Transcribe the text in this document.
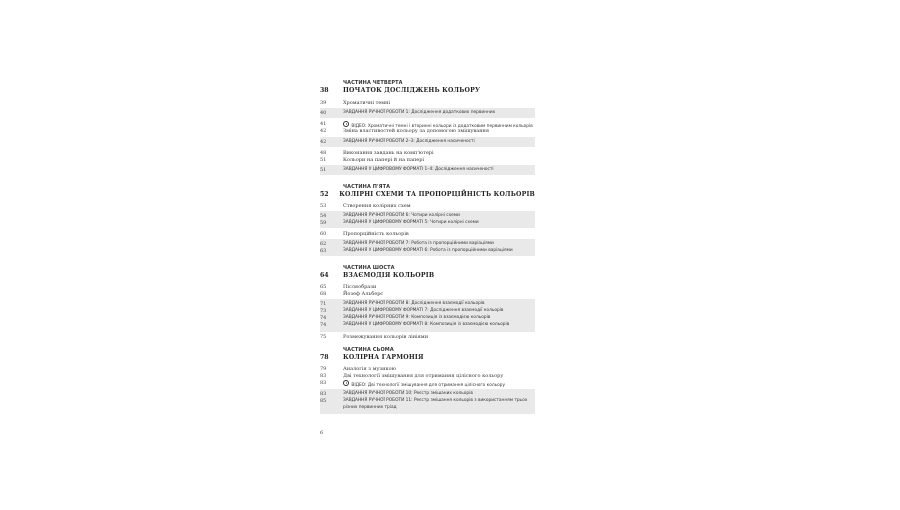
ЧАСТИНА ЧЕТВЕРТА
38	ПОЧАТОК ДОСЛІДЖЕНЬ КОЛЬОРУ
39	Хроматичні темні
40	ЗАВДАННЯ РУЧНОЇ РОБОТИ 1: Дослідження додаткових первинних
41	ВІДЕО: Хроматичні темні і вторинні кольори із додатковим первинним кольорів
42	Зміна властивостей кольору за допомогою змішування
42	ЗАВДАННЯ РУЧНОЇ РОБОТИ 2–3: Дослідження насиченості
48	Виконання завдань на комп'ютері
51	Кольори на папері й на папері
51	ЗАВДАННЯ У ЦИФРОВОМУ ФОРМАТІ 1–4: Дослідження насиченості
ЧАСТИНА П'ЯТА
52	КОЛІРНІ СХЕМИ ТА ПРОПОРЦІЙНІСТЬ КОЛЬОРІВ
53	Створення колірних схем
54	ЗАВДАННЯ РУЧНОЇ РОБОТИ 6: Чотири колірні схеми
59	ЗАВДАННЯ У ЦИФРОВОМУ ФОРМАТІ 5: Чотири колірні схеми
60	Пропорційність кольорів
62	ЗАВДАННЯ РУЧНОЇ РОБОТИ 7: Робота із пропорційними варіаціями
63	ЗАВДАННЯ У ЦИФРОВОМУ ФОРМАТІ 6: Робота із пропорційними варіаціями
ЧАСТИНА ШОСТА
64	ВЗАЄМОДІЯ КОЛЬОРІВ
65	Післяобрази
68	Йозеф Альберс
71	ЗАВДАННЯ РУЧНОЇ РОБОТИ 8: Дослідження взаємодії кольорів
73	ЗАВДАННЯ У ЦИФРОВОМУ ФОРМАТІ 7: Дослідження взаємодії кольорів
74	ЗАВДАННЯ РУЧНОЇ РОБОТИ 9: Композиція із взаємодією кольорів
74	ЗАВДАННЯ У ЦИФРОВОМУ ФОРМАТІ 8: Композиція із взаємодією кольорів
75	Розмежування кольорів лініями
ЧАСТИНА СЬОМА
78	КОЛІРНА ГАРМОНІЯ
79	Аналогія з музикою
83	Дві технології змішування для отримання цілісного кольору
83	ВІДЕО: Дві технології змішування для отримання цілісного кольору
83	ЗАВДАННЯ РУЧНОЇ РОБОТИ 10: Реєстр змішаних кольорів
85	ЗАВДАННЯ РУЧНОЇ РОБОТИ 11: Реєстр змішання кольорів з використанням трьох різних первинних тріад
6
